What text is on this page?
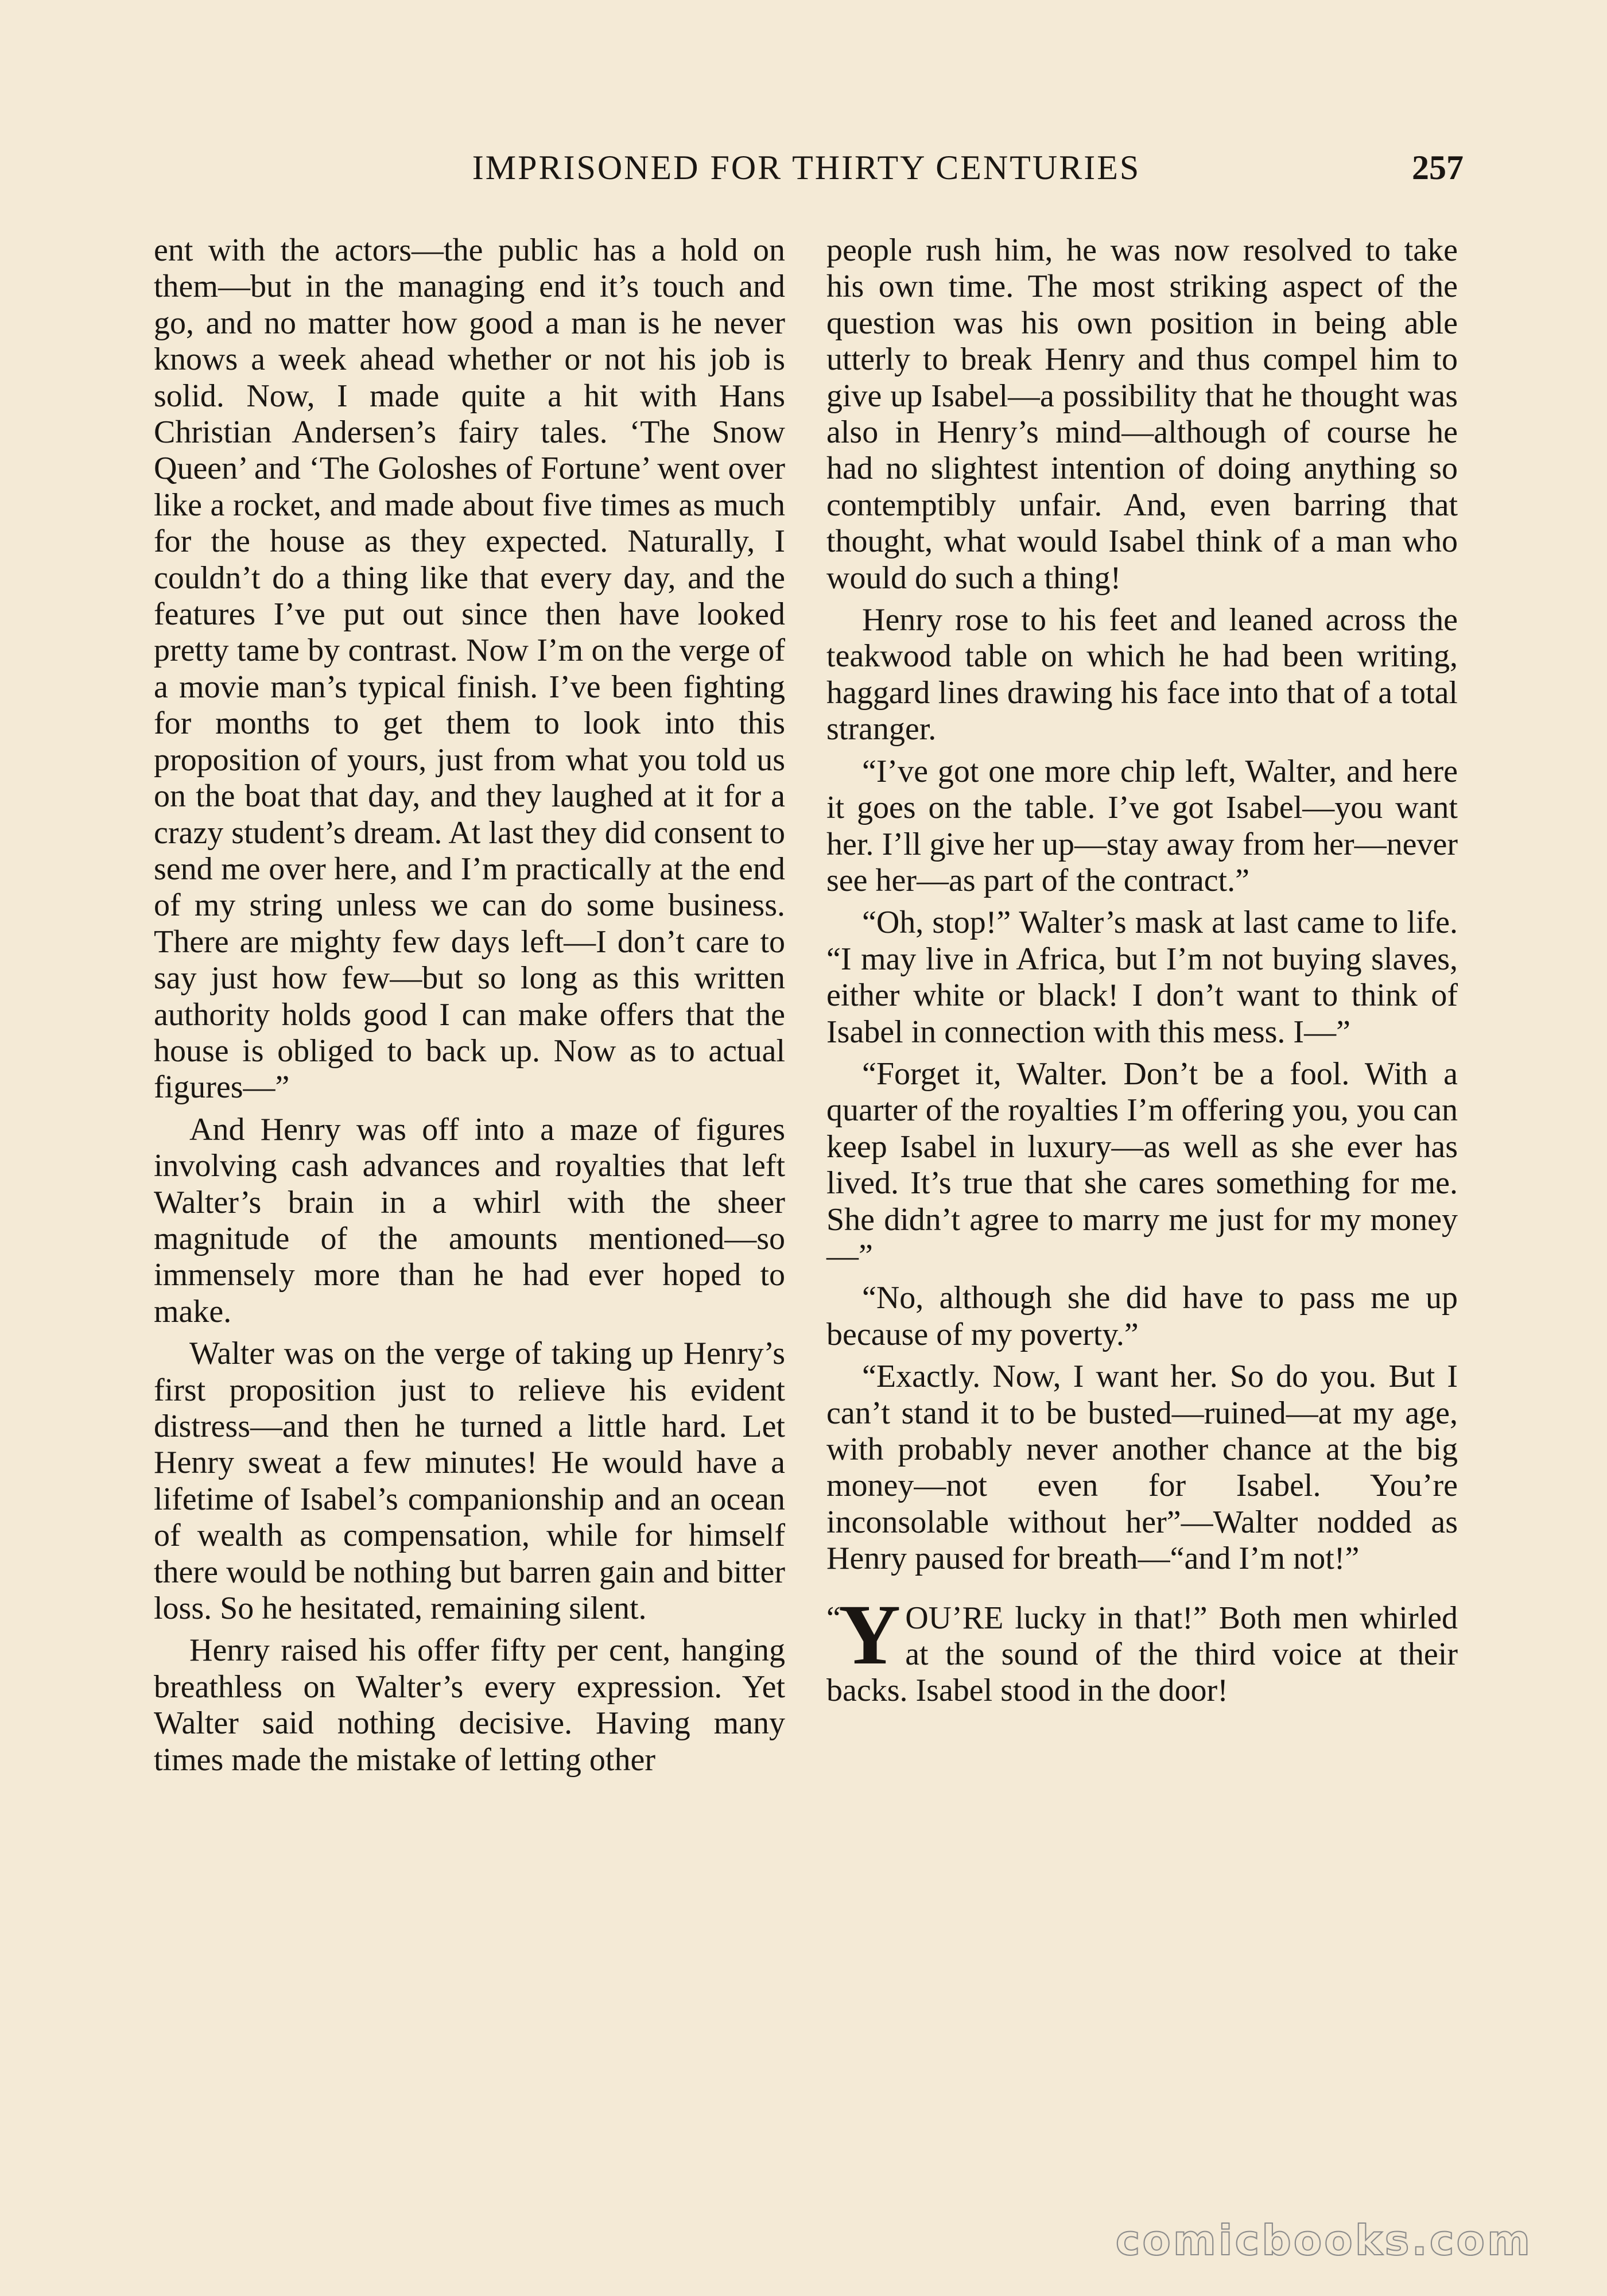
IMPRISONED FOR THIRTY CENTURIES	257

ent with the actors—the public has a hold on them—but in the managing end it’s touch and go, and no matter how good a man is he never knows a week ahead whether or not his job is solid. Now, I made quite a hit with Hans Christian Andersen’s fairy tales. ‘The Snow Queen’ and ‘The Goloshes of Fortune’ went over like a rocket, and made about five times as much for the house as they expected. Naturally, I couldn’t do a thing like that every day, and the features I’ve put out since then have looked pretty tame by contrast. Now I’m on the verge of a movie man’s typical finish. I’ve been fighting for months to get them to look into this proposition of yours, just from what you told us on the boat that day, and they laughed at it for a crazy student’s dream. At last they did consent to send me over here, and I’m practically at the end of my string unless we can do some business. There are mighty few days left—I don’t care to say just how few—but so long as this written authority holds good I can make offers that the house is obliged to back up. Now as to actual figures—”

And Henry was off into a maze of figures involving cash advances and royalties that left Walter’s brain in a whirl with the sheer magnitude of the amounts mentioned—so immensely more than he had ever hoped to make.

Walter was on the verge of taking up Henry’s first proposition just to relieve his evident distress—and then he turned a little hard. Let Henry sweat a few minutes! He would have a lifetime of Isabel’s companionship and an ocean of wealth as compensation, while for himself there would be nothing but barren gain and bitter loss. So he hesitated, remaining silent.

Henry raised his offer fifty per cent, hanging breathless on Walter’s every expression. Yet Walter said nothing decisive. Having many times made the mistake of letting other

people rush him, he was now resolved to take his own time. The most striking aspect of the question was his own position in being able utterly to break Henry and thus compel him to give up Isabel—a possibility that he thought was also in Henry’s mind—although of course he had no slightest intention of doing anything so contemptibly unfair. And, even barring that thought, what would Isabel think of a man who would do such a thing!

Henry rose to his feet and leaned across the teakwood table on which he had been writing, haggard lines drawing his face into that of a total stranger.

“I’ve got one more chip left, Walter, and here it goes on the table. I’ve got Isabel—you want her. I’ll give her up—stay away from her—never see her—as part of the contract.”

“Oh, stop!” Walter’s mask at last came to life. “I may live in Africa, but I’m not buying slaves, either white or black! I don’t want to think of Isabel in connection with this mess. I—”

“Forget it, Walter. Don’t be a fool. With a quarter of the royalties I’m offering you, you can keep Isabel in luxury—as well as she ever has lived. It’s true that she cares something for me. She didn’t agree to marry me just for my money—”

“No, although she did have to pass me up because of my poverty.”

“Exactly. Now, I want her. So do you. But I can’t stand it to be busted—ruined—at my age, with probably never another chance at the big money—not even for Isabel. You’re inconsolable without her”—Walter nodded as Henry paused for breath—“and I’m not!”

“
Y OU’RE lucky in that!” Both men whirled at the sound of the third voice at their backs. Isabel stood in the door!

comicbooks.com
